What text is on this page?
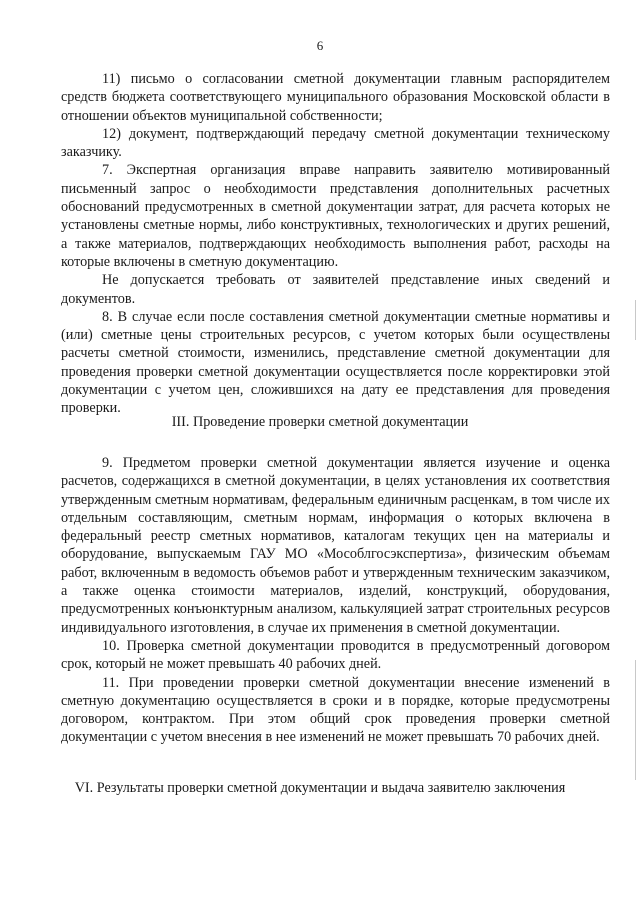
6

11) письмо о согласовании сметной документации главным распорядителем средств бюджета соответствующего муниципального образования Московской области в отношении объектов муниципальной собственности;

12) документ, подтверждающий передачу сметной документации техническому заказчику.

7. Экспертная организация вправе направить заявителю мотивированный письменный запрос о необходимости представления дополнительных расчетных обоснований предусмотренных в сметной документации затрат, для расчета которых не установлены сметные нормы, либо конструктивных, технологических и других решений, а также материалов, подтверждающих необходимость выполнения работ, расходы на которые включены в сметную документацию.

Не допускается требовать от заявителей представление иных сведений и документов.

8. В случае если после составления сметной документации сметные нормативы и (или) сметные цены строительных ресурсов, с учетом которых были осуществлены расчеты сметной стоимости, изменились, представление сметной документации для проведения проверки сметной документации осуществляется после корректировки этой документации с учетом цен, сложившихся на дату ее представления для проведения проверки.

III. Проведение проверки сметной документации

9. Предметом проверки сметной документации является изучение и оценка расчетов, содержащихся в сметной документации, в целях установления их соответствия утвержденным сметным нормативам, федеральным единичным расценкам, в том числе их отдельным составляющим, сметным нормам, информация о которых включена в федеральный реестр сметных нормативов, каталогам текущих цен на материалы и оборудование, выпускаемым ГАУ МО «Мособлгосэкспертиза», физическим объемам работ, включенным в ведомость объемов работ и утвержденным техническим заказчиком, а также оценка стоимости материалов, изделий, конструкций, оборудования, предусмотренных конъюнктурным анализом, калькуляцией затрат строительных ресурсов индивидуального изготовления, в случае их применения в сметной документации.

10. Проверка сметной документации проводится в предусмотренный договором срок, который не может превышать 40 рабочих дней.

11. При проведении проверки сметной документации внесение изменений в сметную документацию осуществляется в сроки и в порядке, которые предусмотрены договором, контрактом. При этом общий срок проведения проверки сметной документации с учетом внесения в нее изменений не может превышать 70 рабочих дней.

VI. Результаты проверки сметной документации и выдача заявителю заключения
